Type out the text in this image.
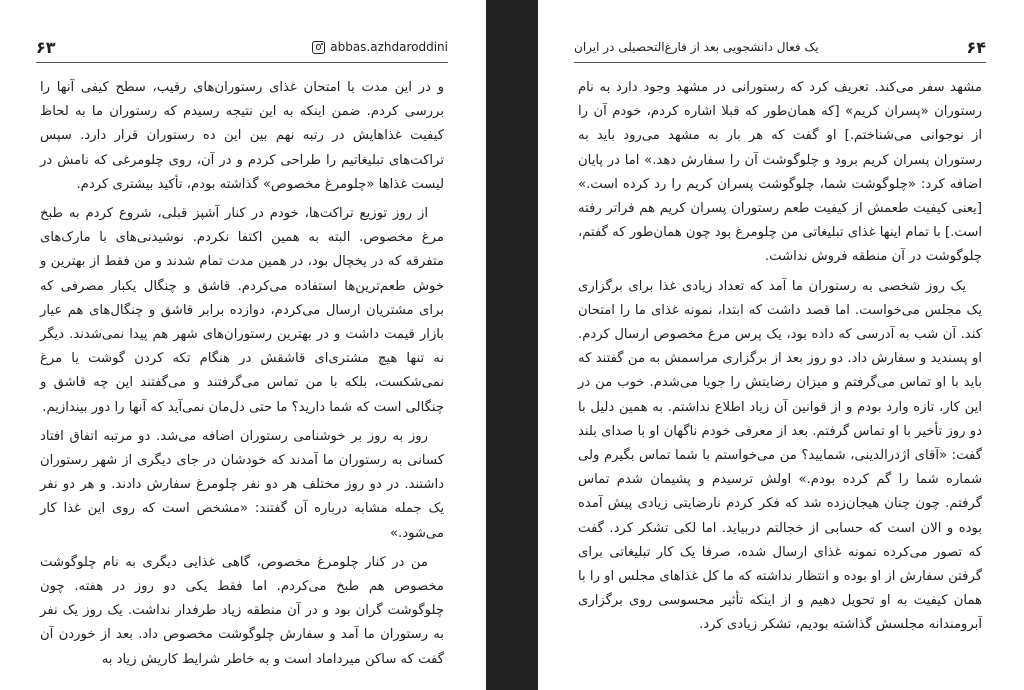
۶۳	abbas.azhdaroddini

و در این مدت با امتحان غذای رستوران‌های رقیب، سطح کیفی آنها را بررسی کردم. ضمن اینکه به این نتیجه رسیدم که رستوران ما به لحاظ کیفیت غذاهایش در رتبه نهم بین این ده رستوران قرار دارد. سپس تراکت‌های تبلیغاتیم را طراحی کردم و در آن، روی چلومرغی که نامش در لیست غذاها «چلومرغ مخصوص» گذاشته بودم، تأکید بیشتری کردم.

از روز توزیع تراکت‌ها، خودم در کنار آشپز قبلی، شروع کردم به طبخ مرغ مخصوص. البته به همین اکتفا نکردم. نوشیدنی‌های با مارک‌های متفرقه که در یخچال بود، در همین مدت تمام شدند و من فقط از بهترین و خوش طعم‌ترین‌ها استفاده می‌کردم. قاشق و چنگال یکبار مصرفی که برای مشتریان ارسال می‌کردم، دوازده برابر قاشق و چنگال‌های هم عیار بازار قیمت داشت و در بهترین رستوران‌های شهر هم پیدا نمی‌شدند. دیگر نه تنها هیچ مشتری‌ای قاشقش در هنگام تکه کردن گوشت یا مرغ نمی‌شکست، بلکه با من تماس می‌گرفتند و می‌گفتند این چه قاشق و چنگالی است که شما دارید؟ ما حتی دل‌مان نمی‌آید که آنها را دور بیندازیم.

روز به روز بر خوشنامی رستوران اضافه می‌شد. دو مرتبه اتفاق افتاد کسانی به رستوران ما آمدند که خودشان در جای دیگری از شهر رستوران داشتند. در دو روز مختلف هر دو نفر چلومرغ سفارش دادند. و هر دو نفر یک جمله مشابه درباره آن گفتند: «مشخص است که روی این غذا کار می‌شود.»

من در کنار چلومرغ مخصوص، گاهی غذایی دیگری به نام چلوگوشت مخصوص هم طبخ می‌کردم. اما فقط یکی دو روز در هفته. چون چلوگوشت گران بود و در آن منطقه زیاد طرفدار نداشت. یک روز یک نفر به رستوران ما آمد و سفارش چلوگوشت مخصوص داد. بعد از خوردن آن گفت که ساکن میرداماد است و به خاطر شرایط کاریش زیاد به

یک فعال دانشجویی بعد از فارغ‌التحصیلی در ایران	۶۴

مشهد سفر می‌کند. تعریف کرد که رستورانی در مشهد وجود دارد به نام رستوران «پسران کریم» [که همان‌طور که قبلا اشاره کردم، خودم آن را از نوجوانی می‌شناختم.] او گفت که هر بار به مشهد می‌رود باید به رستوران پسران کریم برود و چلوگوشت آن را سفارش دهد.» اما در پایان اضافه کرد: «چلوگوشت شما، چلوگوشت پسران کریم را رد کرده است.» [یعنی کیفیت طعمش از کیفیت طعم رستوران پسران کریم هم فراتر رفته است.] با تمام اینها غذای تبلیغاتی من چلومرغ بود چون همان‌طور که گفتم، چلوگوشت در آن منطقه فروش نداشت.

یک روز شخصی به رستوران ما آمد که تعداد زیادی غذا برای برگزاری یک مجلس می‌خواست. اما قصد داشت که ابتدا، نمونه غذای ما را امتحان کند. آن شب به آدرسی که داده بود، یک پرس مرغ مخصوص ارسال کردم. او پسندید و سفارش داد. دو روز بعد از برگزاری مراسمش به من گفتند که باید با او تماس می‌گرفتم و میزان رضایتش را جویا می‌شدم. خوب من در این کار، تازه وارد بودم و از قوانین آن زیاد اطلاع نداشتم. به همین دلیل با دو روز تأخیر با او تماس گرفتم. بعد از معرفی خودم ناگهان او با صدای بلند گفت: «آقای اژدرالدینی، شمایید؟ من می‌خواستم با شما تماس بگیرم ولی شماره شما را گم کرده بودم.» اولش ترسیدم و پشیمان شدم تماس گرفتم. چون چنان هیجان‌زده شد که فکر کردم نارضایتی زیادی پیش آمده بوده و الان است که حسابی از خجالتم دربیاید. اما لکی تشکر کرد. گفت که تصور می‌کرده نمونه غذای ارسال شده، صرفا یک کار تبلیغاتی برای گرفتن سفارش از او بوده و انتظار نداشته که ما کل غذاهای مجلس او را با همان کیفیت به او تحویل دهیم و از اینکه تأثیر محسوسی روی برگزاری آبرومندانه مجلسش گذاشته بودیم، تشکر زیادی کرد.
